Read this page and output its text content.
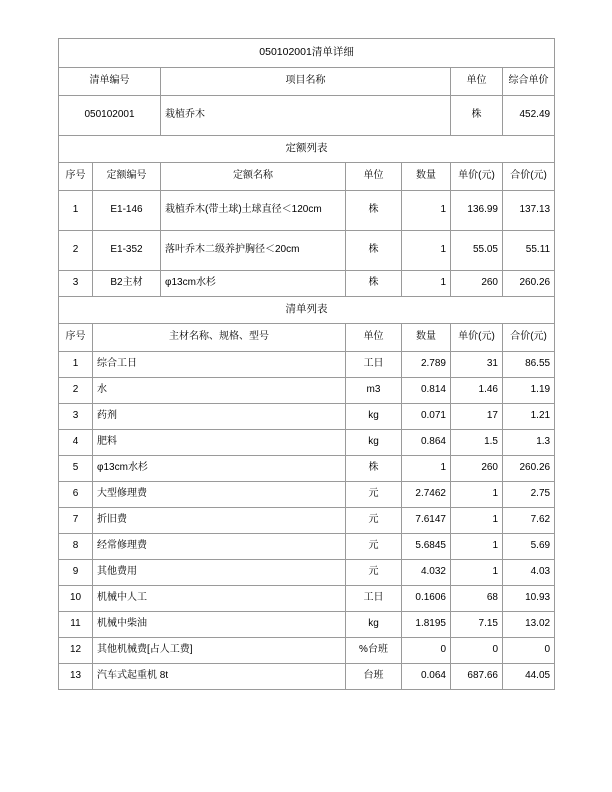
050102001清单详细						
清单编号		项目名称			单位	综合单价
050102001		栽植乔木			株	452.49
定额列表						
序号	定额编号	定额名称	单位	数量	单价(元)	合价(元)
1	E1-146	栽植乔木(带土球)土球直径＜120cm	株	1	136.99	137.13
2	E1-352	落叶乔木二级养护胸径＜20cm	株	1	55.05	55.11
3	B2主材	φ13cm水杉	株	1	260	260.26
清单列表						
序号	主材名称、规格、型号		单位	数量	单价(元)	合价(元)
1	综合工日		工日	2.789	31	86.55
2	水		m3	0.814	1.46	1.19
3	药剂		kg	0.071	17	1.21
4	肥料		kg	0.864	1.5	1.3
5	φ13cm水杉		株	1	260	260.26
6	大型修理费		元	2.7462	1	2.75
7	折旧费		元	7.6147	1	7.62
8	经常修理费		元	5.6845	1	5.69
9	其他费用		元	4.032	1	4.03
10	机械中人工		工日	0.1606	68	10.93
11	机械中柴油		kg	1.8195	7.15	13.02
12	其他机械费[占人工费]		%台班	0	0	0
13	汽车式起重机 8t		台班	0.064	687.66	44.05
